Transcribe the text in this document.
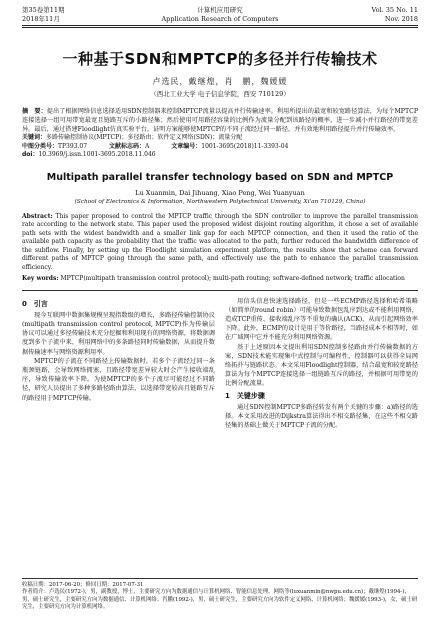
第35卷第11期
2018年11月
计算机应用研究
Application Research of Computers
Vol. 35 No. 11
Nov. 2018
一种基于SDN和MPTCP的多径并行传输技术
卢选民，戴继煌，肖　鹏，魏媛媛
（西北工业大学 电子信息学院，西安 710129）
摘　要：提出了根据网络信息选择适用SDN控制器来控制MPTCP流量以提高并行传输速率。利用所提出的最宽和较宽路径算法，为每个MPTCP连接选择一组可用带宽最宽且链路互斥的小路径集；然后使用可用路径容量的比例作为流量分配到该路径的概率，进一步减小并行路径的带宽差异。最后，通过搭建Floodlight仿真实验平台，证明方案能够使MPTCP的不同子流经过同一路径，并有效地利用路径提升并行传输效率。
关键词：多路传输控制协议(MPTCP)；多径路由；软件定义网络(SDN)；流量分配
中图分类号：TP393.07	文献标志码：A	文章编号：1001-3695(2018)11-3393-04
doi：10.3969/j.issn.1001-3695.2018.11.046
Multipath parallel transfer technology based on SDN and MPTCP
Lu Xuanmin, Dai Jihuang, Xiao Peng, Wei Yuanyuan
(School of Electronics & Information, Northwestern Polytechnical University, Xi'an 710129, China)
Abstract: This paper proposed to control the MPTCP traffic through the SDN controller to improve the parallel transmission rate according to the network state. This paper used the proposed widest disjoint routing algorithm, it chose a set of available path sets with the widest bandwidth and a smaller link gap for each MPTCP connection, and then it used the ratio of the available path capacity as the probability that the traffic was allocated to the path, further reduced the bandwidth difference of the subflow. Finally, by setting up the Floodlight simulation experiment platform, the results show that scheme can forward different paths of MPTCP going through the same path, and effectively use the path to enhance the parallel transmission efficiency.
Key words: MPTCP(multipath transmission control protocol); multi-path routing; software-defined network; traffic allocation
0　引言

现今互联网中数据集规模呈现指数级的增长，多路径传输控制协议(multipath transmission control protocol, MPTCP)作为传输层协议可以通过多径传输技术充分挖掘和利用现有的网络资源，将数据调度到多个子流中来，利用网络中的多条路径同时传输数据，从而提升数据传输速率与网络资源利用率。

MPTCP的子流在不同路径上传输数据时，若多个子流经过同一条瓶颈链路，会导致网络拥塞，且路径带宽差异较大时会产生接收端乱序，导致传输效率下降。为使MPTCP的多个子流尽可能经过不同路径，研究人员提出了多种多路径路由算法，以选择带宽较高且链路互斥的路径用于MPTCP传输。

用信头信息快速选择路径，但是一些ECMP路径选择和哈希策略（如简单的round robin）可能导致数据包乱序到达或不能利用网络，造成TCP重传、接收端乱序等不重复的确认(ACK)，从而引起网络效率下降。此外，ECMP的设计是用于等价路径，当路径成本不相等时，如在广域网中它并不能充分利用网络资源。

基于上述原因本文提出利用SDN控制多径路由并行传输数据的方案，SDN技术能实现集中式控制与可编程性，控制器可以获得全局网络拓扑与链路状态。本文采用Floodlight控制器，结合最宽和较宽路径算法为每个MPTCP连接选择一组链路互斥的路径，并根据可用带宽的比例分配流量。

1　关键步骤

通过SDN控制MPTCP多路径转发有两个关键的步骤：a)路径的选择。本文采用改进的Dijkstra算法得出不相交路径集，在这些不相交路径集的基础上做关于MPTCP子流的分配。

收稿日期：2017-06-20；修回日期：2017-07-31
作者简介：卢选民(1972-)，男，副教授，博士，主要研究方向为数据通信与计算机网络、智能信息处理、网络等(luxuanmin@nwpu.edu.cn)；戴继煌(1994-)，男，硕士研究生，主要研究方向为数据通信、计算机网络；肖鹏(1992-)，男，硕士研究生，主要研究方向为软件定义网络、计算机网络；魏媛媛(1993-)，女，硕士研究生，主要研究方向为计算机网络。
